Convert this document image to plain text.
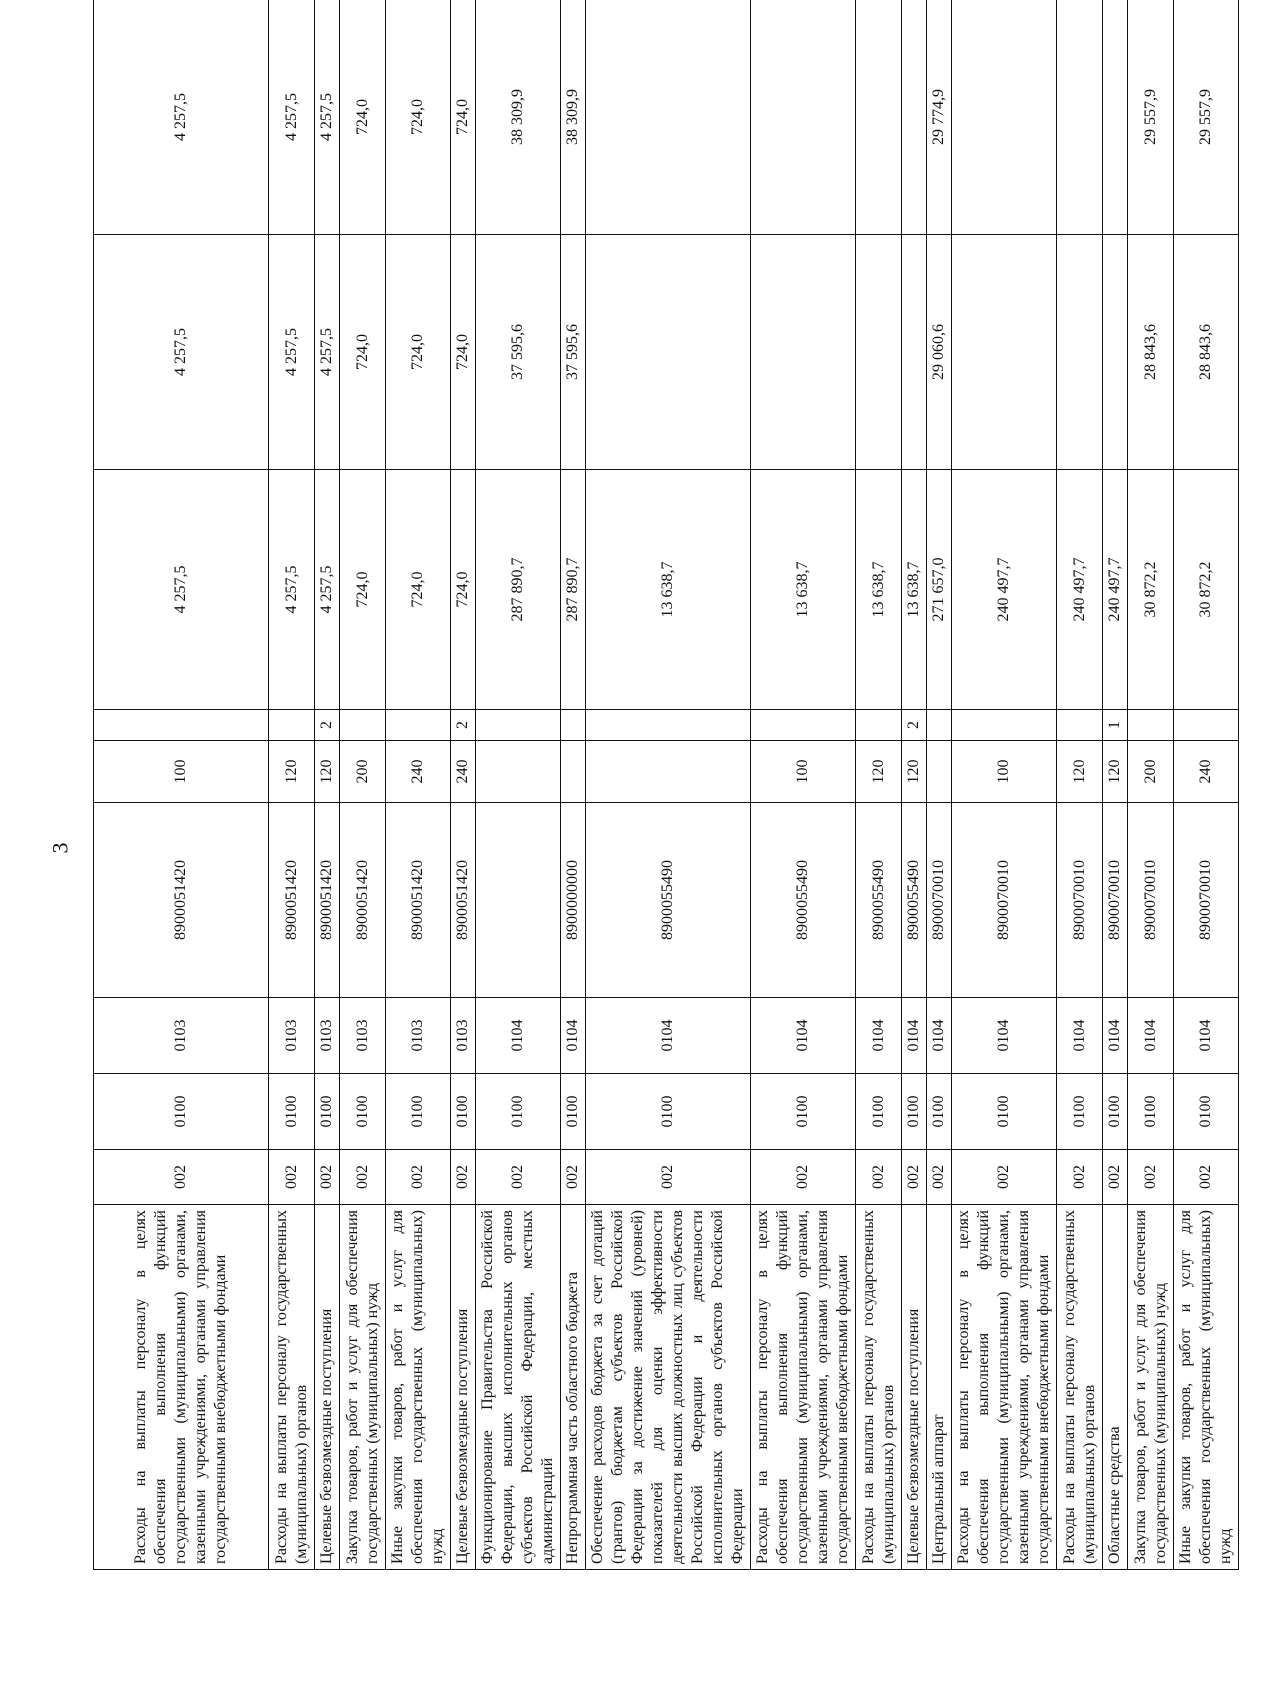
3
Расходы на выплаты персоналу в целях обеспечения выполнения функций государственными (муниципальными) органами, казенными учреждениями, органами управления государственными внебюджетными фондами	002	0100	0103	8900051420	100		4 257,5	4 257,5	4 257,5
Расходы на выплаты персоналу государственных (муниципальных) органов	002	0100	0103	8900051420	120		4 257,5	4 257,5	4 257,5
Целевые безвозмездные поступления	002	0100	0103	8900051420	120	2	4 257,5	4 257,5	4 257,5
Закупка товаров, работ и услуг для обеспечения государственных (муниципальных) нужд	002	0100	0103	8900051420	200		724,0	724,0	724,0
Иные закупки товаров, работ и услуг для обеспечения государственных (муниципальных) нужд	002	0100	0103	8900051420	240		724,0	724,0	724,0
Целевые безвозмездные поступления	002	0100	0103	8900051420	240	2	724,0	724,0	724,0
Функционирование Правительства Российской Федерации, высших исполнительных органов субъектов Российской Федерации, местных администраций	002	0100	0104				287 890,7	37 595,6	38 309,9
Непрограммная часть областного бюджета	002	0100	0104	8900000000			287 890,7	37 595,6	38 309,9
Обеспечение расходов бюджета за счет дотаций (грантов) бюджетам субъектов Российской Федерации за достижение значений (уровней) показателей для оценки эффективности деятельности высших должностных лиц субъектов Российской Федерации и деятельности исполнительных органов субъектов Российской Федерации	002	0100	0104	8900055490			13 638,7		
Расходы на выплаты персоналу в целях обеспечения выполнения функций государственными (муниципальными) органами, казенными учреждениями, органами управления государственными внебюджетными фондами	002	0100	0104	8900055490	100		13 638,7		
Расходы на выплаты персоналу государственных (муниципальных) органов	002	0100	0104	8900055490	120		13 638,7		
Целевые безвозмездные поступления	002	0100	0104	8900055490	120	2	13 638,7		
Центральный аппарат	002	0100	0104	8900070010			271 657,0	29 060,6	29 774,9
Расходы на выплаты персоналу в целях обеспечения выполнения функций государственными (муниципальными) органами, казенными учреждениями, органами управления государственными внебюджетными фондами	002	0100	0104	8900070010	100		240 497,7		
Расходы на выплаты персоналу государственных (муниципальных) органов	002	0100	0104	8900070010	120		240 497,7		
Областные средства	002	0100	0104	8900070010	120	1	240 497,7		
Закупка товаров, работ и услуг для обеспечения государственных (муниципальных) нужд	002	0100	0104	8900070010	200		30 872,2	28 843,6	29 557,9
Иные закупки товаров, работ и услуг для обеспечения государственных (муниципальных) нужд	002	0100	0104	8900070010	240		30 872,2	28 843,6	29 557,9
